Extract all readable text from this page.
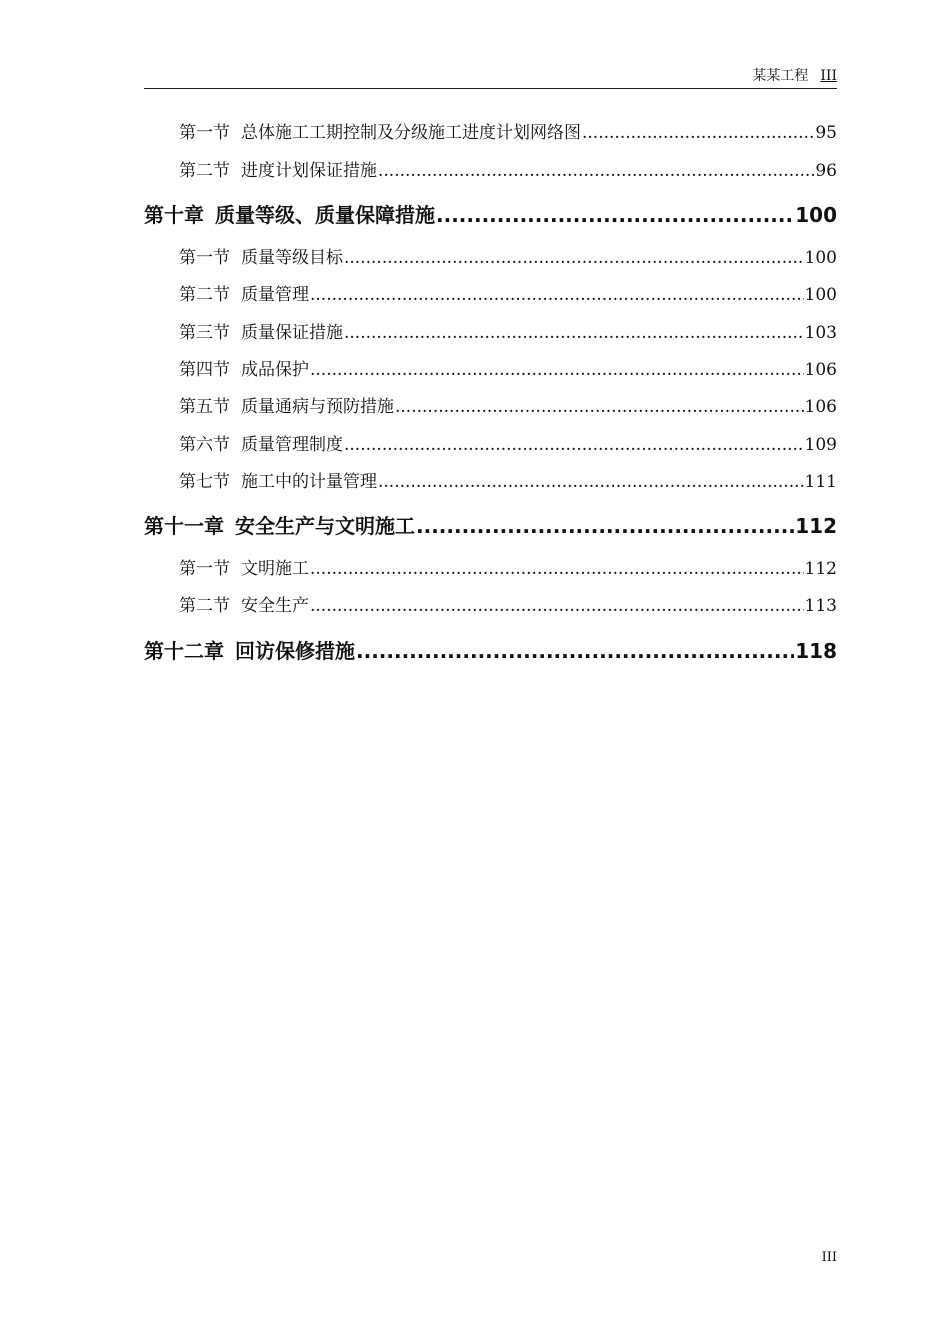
某某工程 III
第一节 总体施工工期控制及分级施工进度计划网络图 .....	95
第二节 进度计划保证措施 .....	96
第十章 质量等级、质量保障措施 .....	100
第一节 质量等级目标 .....	100
第二节 质量管理 .....	100
第三节 质量保证措施 .....	103
第四节 成品保护 .....	106
第五节 质量通病与预防措施 .....	106
第六节 质量管理制度 .....	109
第七节 施工中的计量管理 .....	111
第十一章 安全生产与文明施工 .....	112
第一节 文明施工 .....	112
第二节 安全生产 .....	113
第十二章 回访保修措施 .....	118
III
